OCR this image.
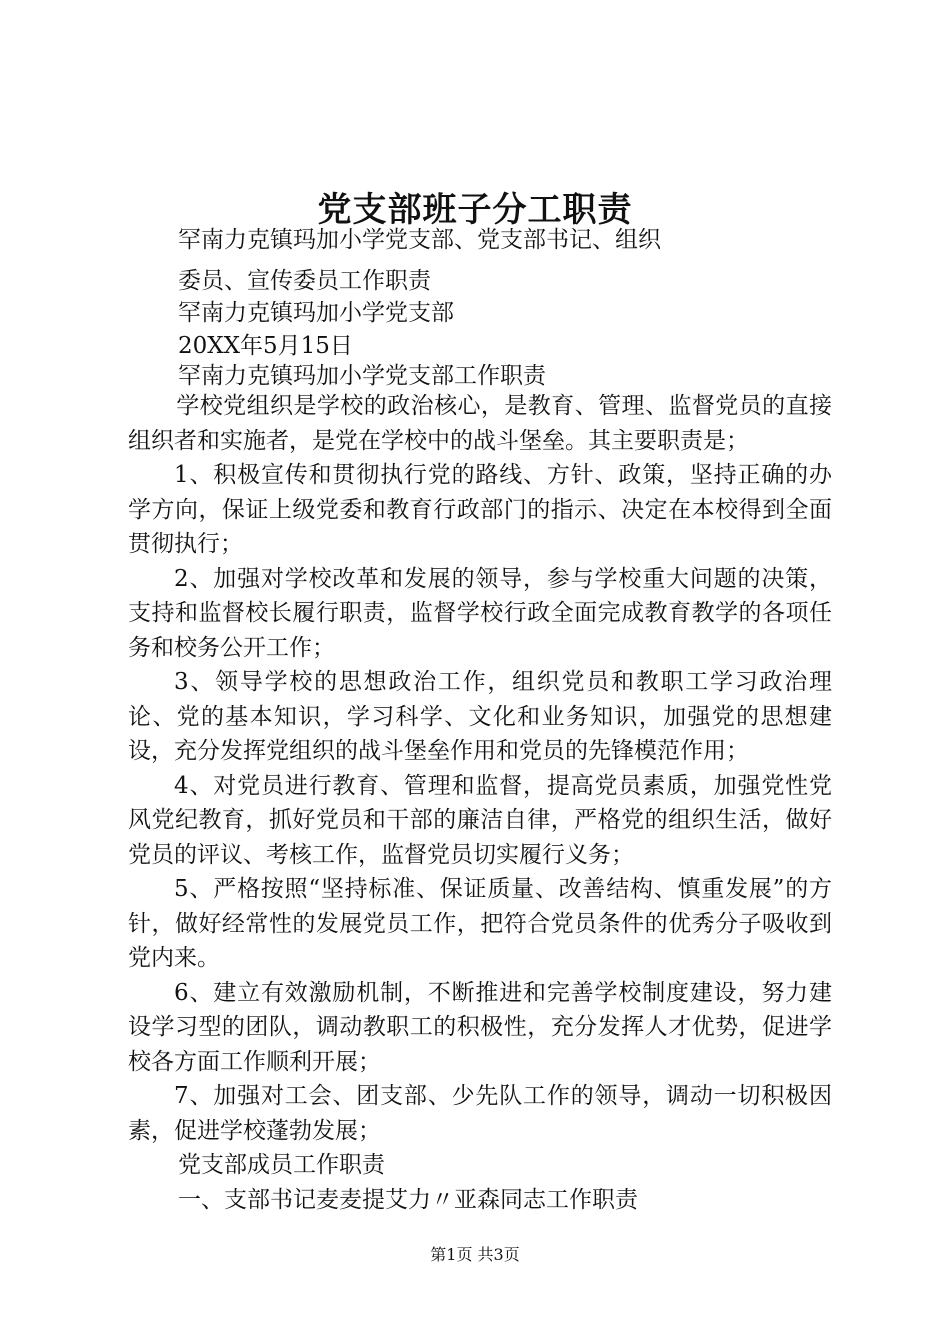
党支部班子分工职责
罕南力克镇玛加小学党支部、党支部书记、组织
委员、宣传委员工作职责
罕南力克镇玛加小学党支部
20XX年5月15日
罕南力克镇玛加小学党支部工作职责

学校党组织是学校的政治核心，是教育、管理、监督党员的直接组织者和实施者，是党在学校中的战斗堡垒。其主要职责是；

1、积极宣传和贯彻执行党的路线、方针、政策，坚持正确的办学方向，保证上级党委和教育行政部门的指示、决定在本校得到全面贯彻执行；

2、加强对学校改革和发展的领导，参与学校重大问题的决策，支持和监督校长履行职责，监督学校行政全面完成教育教学的各项任务和校务公开工作；

3、领导学校的思想政治工作，组织党员和教职工学习政治理论、党的基本知识，学习科学、文化和业务知识，加强党的思想建设，充分发挥党组织的战斗堡垒作用和党员的先锋模范作用；

4、对党员进行教育、管理和监督，提高党员素质，加强党性党风党纪教育，抓好党员和干部的廉洁自律，严格党的组织生活，做好党员的评议、考核工作，监督党员切实履行义务；

5、严格按照“坚持标准、保证质量、改善结构、慎重发展”的方针，做好经常性的发展党员工作，把符合党员条件的优秀分子吸收到党内来。

6、建立有效激励机制，不断推进和完善学校制度建设，努力建设学习型的团队，调动教职工的积极性，充分发挥人才优势，促进学校各方面工作顺利开展；

7、加强对工会、团支部、少先队工作的领导，调动一切积极因素，促进学校蓬勃发展；

党支部成员工作职责

一、支部书记麦麦提艾力〃亚森同志工作职责

第1页 共3页
